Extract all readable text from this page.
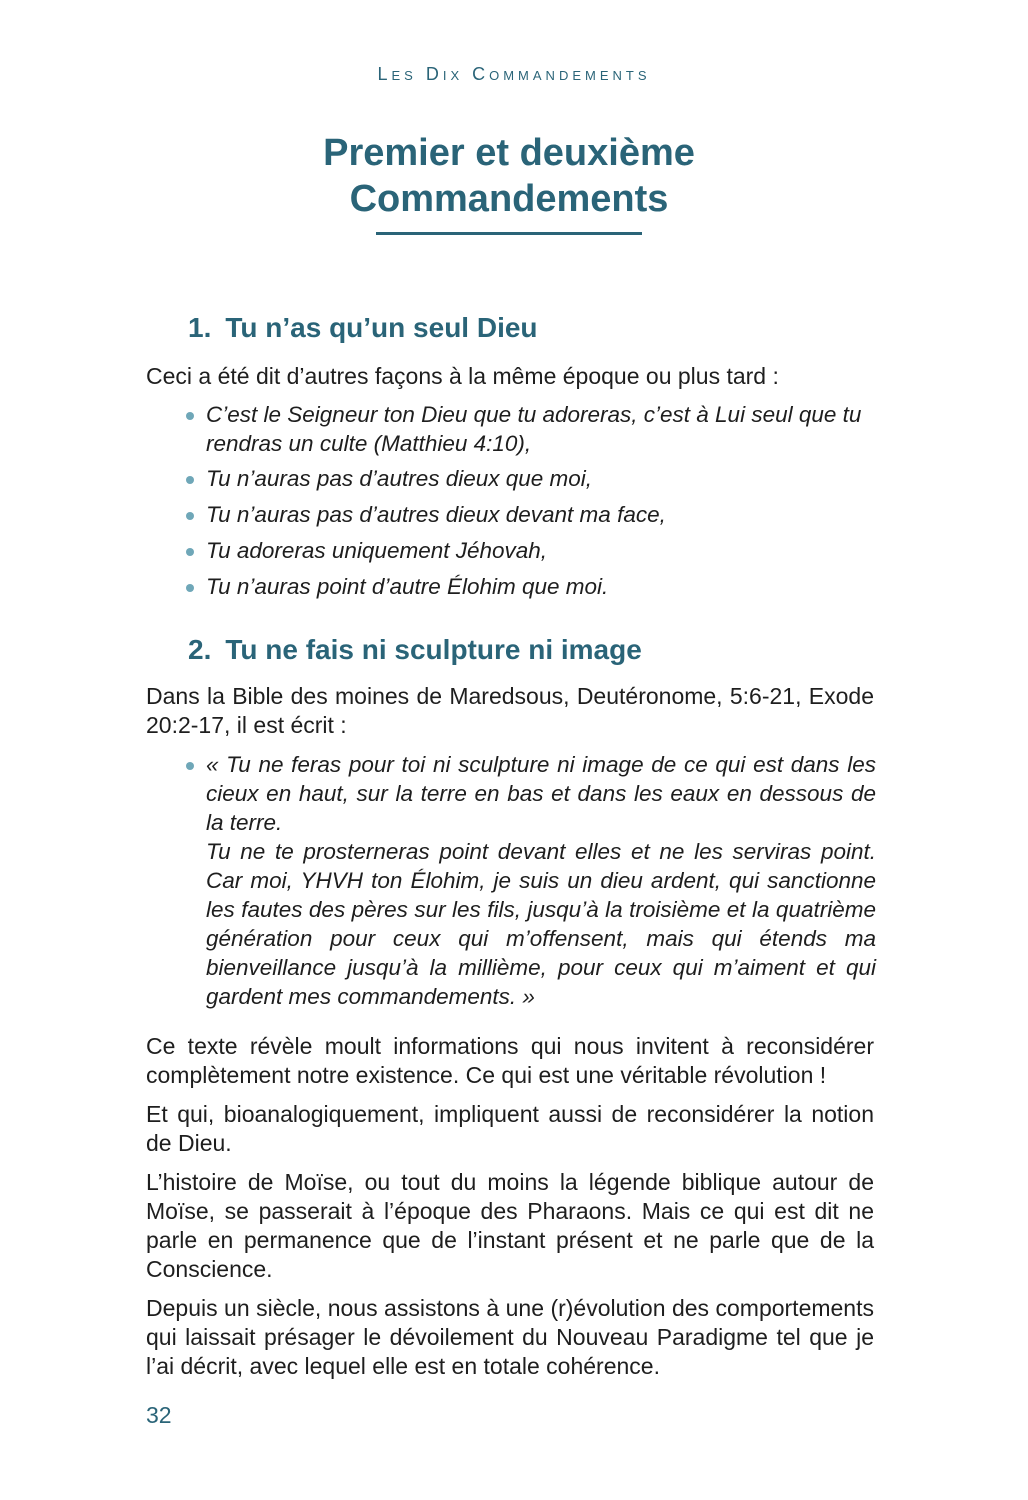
Les Dix Commandements
Premier et deuxième
Commandements
1. Tu n’as qu’un seul Dieu
Ceci a été dit d’autres façons à la même époque ou plus tard :
C’est le Seigneur ton Dieu que tu adoreras, c’est à Lui seul que tu rendras un culte (Matthieu 4:10),
Tu n’auras pas d’autres dieux que moi,
Tu n’auras pas d’autres dieux devant ma face,
Tu adoreras uniquement Jéhovah,
Tu n’auras point d’autre Élohim que moi.
2. Tu ne fais ni sculpture ni image
Dans la Bible des moines de Maredsous, Deutéronome, 5:6-21, Exode 20:2-17, il est écrit :
« Tu ne feras pour toi ni sculpture ni image de ce qui est dans les cieux en haut, sur la terre en bas et dans les eaux en dessous de la terre.
Tu ne te prosterneras point devant elles et ne les serviras point. Car moi, YHVH ton Élohim, je suis un dieu ardent, qui sanctionne les fautes des pères sur les fils, jusqu’à la troisième et la quatrième génération pour ceux qui m’offensent, mais qui étends ma bienveillance jusqu’à la millième, pour ceux qui m’aiment et qui gardent mes commandements. »
Ce texte révèle moult informations qui nous invitent à reconsidérer complètement notre existence. Ce qui est une véritable révolution !
Et qui, bioanalogiquement, impliquent aussi de reconsidérer la notion de Dieu.
L’histoire de Moïse, ou tout du moins la légende biblique autour de Moïse, se passerait à l’époque des Pharaons. Mais ce qui est dit ne parle en permanence que de l’instant présent et ne parle que de la Conscience.
Depuis un siècle, nous assistons à une (r)évolution des comportements qui laissait présager le dévoilement du Nouveau Paradigme tel que je l’ai décrit, avec lequel elle est en totale cohérence.
32
